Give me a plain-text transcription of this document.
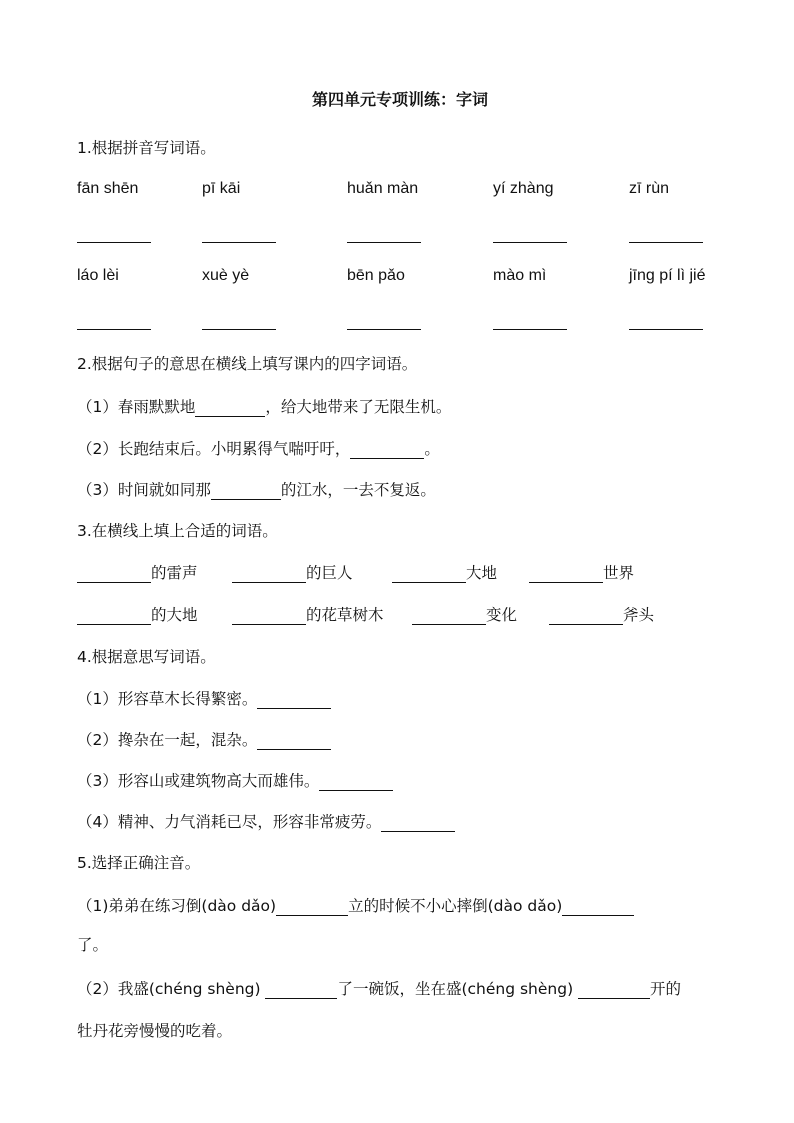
第四单元专项训练：字词
1.根据拼音写词语。
fān shēn	pī kāi	huǎn màn	yí zhàng	zī rùn
láo lèi	xuè yè	bēn pǎo	mào mì	jīng pí lì jié
2.根据句子的意思在横线上填写课内的四字词语。
（1）春雨默默地	，给大地带来了无限生机。
（2）长跑结束后。小明累得气喘吁吁，	。
（3）时间就如同那	的江水，一去不复返。
3.在横线上填上合适的词语。
的雷声	的巨人	大地	世界
的大地	的花草树木	变化	斧头
4.根据意思写词语。
（1）形容草木长得繁密。
（2）搀杂在一起，混杂。
（3）形容山或建筑物高大而雄伟。
（4）精神、力气消耗已尽，形容非常疲劳。
5.选择正确注音。
（1)弟弟在练习倒(dào dǎo)	立的时候不小心摔倒(dào dǎo)
了。
（2）我盛(chéng shèng)	了一碗饭，坐在盛(chéng shèng)	开的
牡丹花旁慢慢的吃着。
